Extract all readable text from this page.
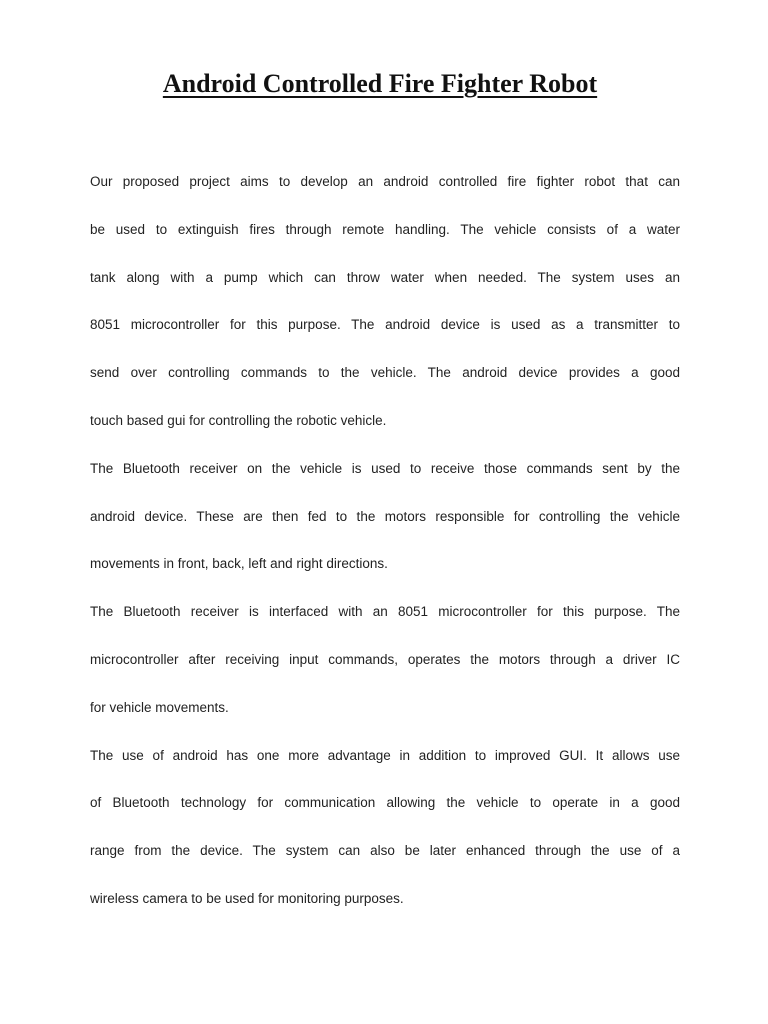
Android Controlled Fire Fighter Robot
Our proposed project aims to develop an android controlled fire fighter robot that can
be used to extinguish fires through remote handling. The vehicle consists of a water
tank along with a pump which can throw water when needed. The system uses an
8051 microcontroller for this purpose. The android device is used as a transmitter to
send over controlling commands to the vehicle. The android device provides a good
touch based gui for controlling the robotic vehicle.
The Bluetooth receiver on the vehicle is used to receive those commands sent by the
android device. These are then fed to the motors responsible for controlling the vehicle
movements in front, back, left and right directions.
The Bluetooth receiver is interfaced with an 8051 microcontroller for this purpose. The
microcontroller after receiving input commands, operates the motors through a driver IC
for vehicle movements.
The use of android has one more advantage in addition to improved GUI. It allows use
of Bluetooth technology for communication allowing the vehicle to operate in a good
range from the device. The system can also be later enhanced through the use of a
wireless camera to be used for monitoring purposes.
